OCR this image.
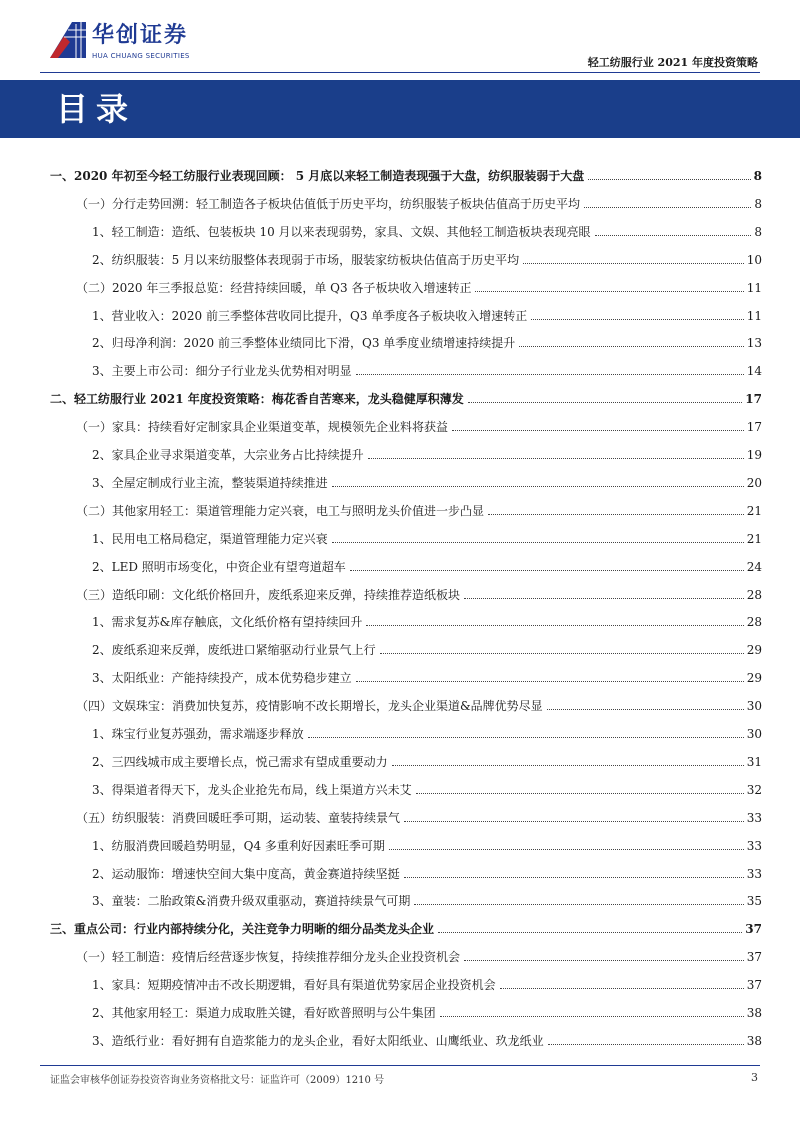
华创证券
HUA CHUANG SECURITIES	轻工纺服行业 2021 年度投资策略
目录
一、2020 年初至今轻工纺服行业表现回顾： 5 月底以来轻工制造表现强于大盘，纺织服装弱于大盘	8
（一）分行走势回溯：轻工制造各子板块估值低于历史平均，纺织服装子板块估值高于历史平均	8
1、轻工制造：造纸、包装板块 10 月以来表现弱势，家具、文娱、其他轻工制造板块表现亮眼	8
2、纺织服装：5 月以来纺服整体表现弱于市场，服装家纺板块估值高于历史平均	10
（二）2020 年三季报总览：经营持续回暖，单 Q3 各子板块收入增速转正	11
1、营业收入：2020 前三季整体营收同比提升，Q3 单季度各子板块收入增速转正	11
2、归母净利润：2020 前三季整体业绩同比下滑，Q3 单季度业绩增速持续提升	13
3、主要上市公司：细分子行业龙头优势相对明显	14
二、轻工纺服行业 2021 年度投资策略：梅花香自苦寒来，龙头稳健厚积薄发	17
（一）家具：持续看好定制家具企业渠道变革，规模领先企业料将获益	17
2、家具企业寻求渠道变革，大宗业务占比持续提升	19
3、全屋定制成行业主流，整装渠道持续推进	20
（二）其他家用轻工：渠道管理能力定兴衰，电工与照明龙头价值进一步凸显	21
1、民用电工格局稳定，渠道管理能力定兴衰	21
2、LED 照明市场变化，中资企业有望弯道超车	24
（三）造纸印刷：文化纸价格回升，废纸系迎来反弹，持续推荐造纸板块	28
1、需求复苏&库存触底，文化纸价格有望持续回升	28
2、废纸系迎来反弹，废纸进口紧缩驱动行业景气上行	29
3、太阳纸业：产能持续投产，成本优势稳步建立	29
（四）文娱珠宝：消费加快复苏，疫情影响不改长期增长，龙头企业渠道&品牌优势尽显	30
1、珠宝行业复苏强劲，需求端逐步释放	30
2、三四线城市成主要增长点，悦己需求有望成重要动力	31
3、得渠道者得天下，龙头企业抢先布局，线上渠道方兴未艾	32
（五）纺织服装：消费回暖旺季可期，运动装、童装持续景气	33
1、纺服消费回暖趋势明显，Q4 多重利好因素旺季可期	33
2、运动服饰：增速快空间大集中度高，黄金赛道持续坚挺	33
3、童装：二胎政策&消费升级双重驱动，赛道持续景气可期	35
三、重点公司：行业内部持续分化，关注竞争力明晰的细分品类龙头企业	37
（一）轻工制造：疫情后经营逐步恢复，持续推荐细分龙头企业投资机会	37
1、家具：短期疫情冲击不改长期逻辑，看好具有渠道优势家居企业投资机会	37
2、其他家用轻工：渠道力成取胜关键，看好欧普照明与公牛集团	38
3、造纸行业：看好拥有自造浆能力的龙头企业，看好太阳纸业、山鹰纸业、玖龙纸业	38
证监会审核华创证券投资咨询业务资格批文号：证监许可（2009）1210 号	3
